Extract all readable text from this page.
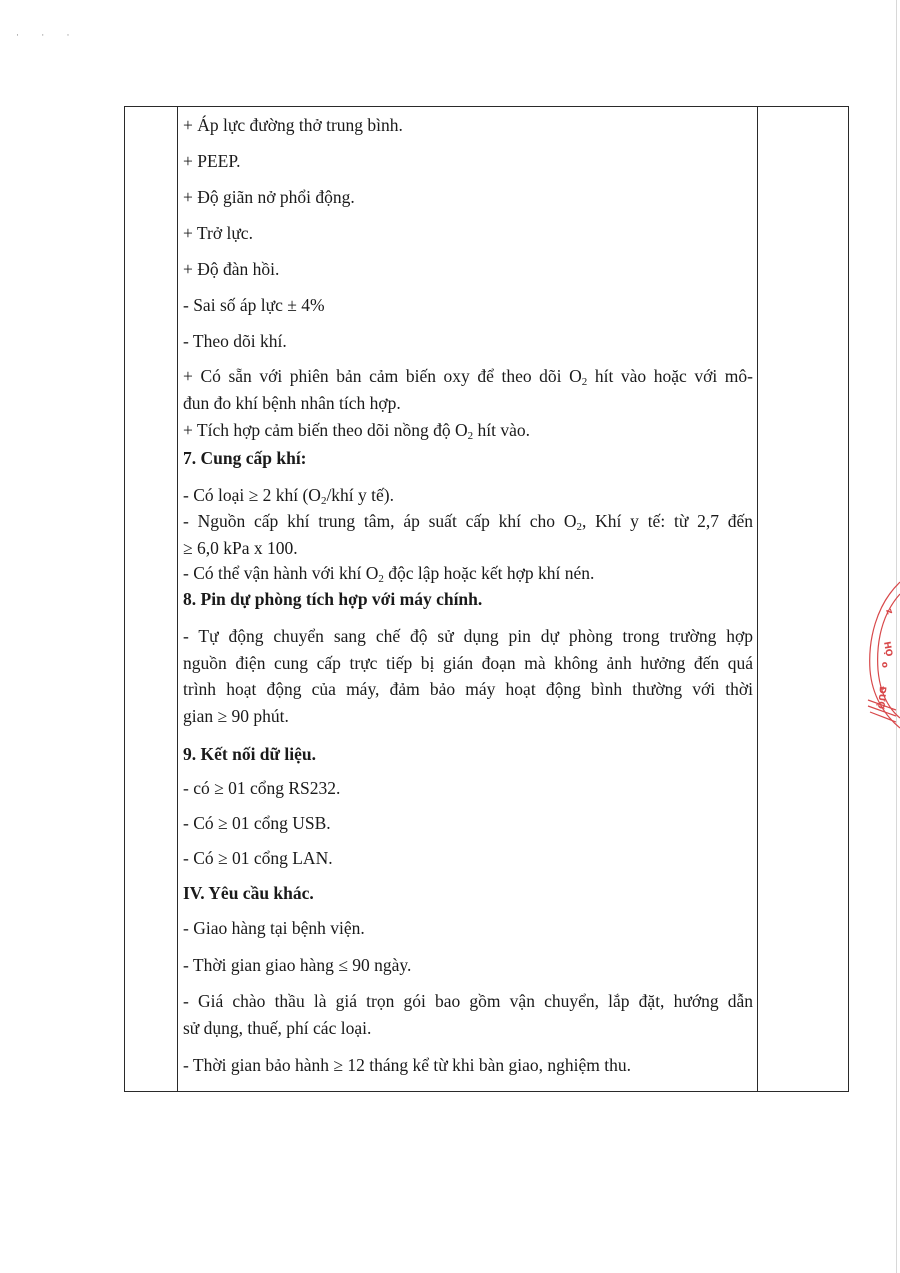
· · ·
+ Áp lực đường thở trung bình.
+ PEEP.
+ Độ giãn nở phổi động.
+ Trở lực.
+ Độ đàn hồi.
- Sai số áp lực ± 4%
- Theo dõi khí.
+ Có sẵn với phiên bản cảm biến oxy để theo dõi $O_2$ hít vào hoặc với mô-
đun đo khí bệnh nhân tích hợp.
+ Tích hợp cảm biến theo dõi nồng độ $O_2$ hít vào.
7. Cung cấp khí:
- Có loại ≥ 2 khí ($O_2$/khí y tế).
- Nguồn cấp khí trung tâm, áp suất cấp khí cho $O_2$, Khí y tế: từ 2,7 đến
≥ 6,0 kPa x 100.
- Có thể vận hành với khí $O_2$ độc lập hoặc kết hợp khí nén.
8. Pin dự phòng tích hợp với máy chính.
- Tự động chuyển sang chế độ sử dụng pin dự phòng trong trường hợp
nguồn điện cung cấp trực tiếp bị gián đoạn mà không ảnh hưởng đến quá
trình hoạt động của máy, đảm bảo máy hoạt động bình thường với thời
gian ≥ 90 phút.
9. Kết nối dữ liệu.
- có ≥ 01 cổng RS232.
- Có ≥ 01 cổng USB.
- Có ≥ 01 cổng LAN.
IV. Yêu cầu khác.
- Giao hàng tại bệnh viện.
- Thời gian giao hàng ≤ 90 ngày.
- Giá chào thầu là giá trọn gói bao gồm vận chuyển, lắp đặt, hướng dẫn
sử dụng, thuế, phí các loại.
- Thời gian bảo hành ≥ 12 tháng kể từ khi bàn giao, nghiệm thu.
z
HỌ
o
ĐƯỢ
